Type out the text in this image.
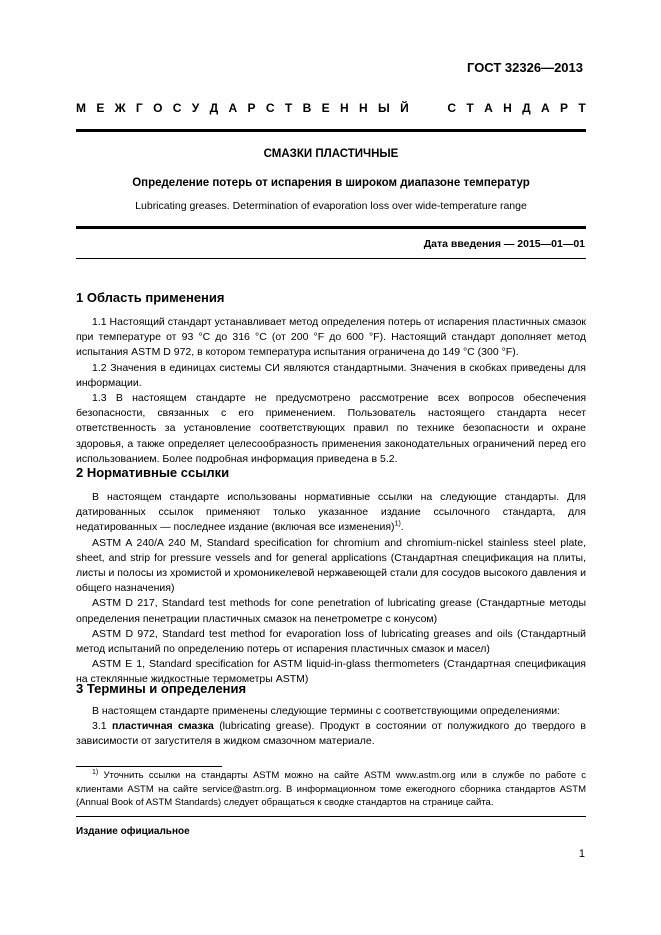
ГОСТ 32326—2013
М Е Ж Г О С У Д А Р С Т В Е Н Н Ы Й	С Т А Н Д А Р Т
СМАЗКИ ПЛАСТИЧНЫЕ
Определение потерь от испарения в широком диапазоне температур
Lubricating greases. Determination of evaporation loss over wide-temperature range
Дата введения — 2015—01—01
1 Область применения

1.1 Настоящий стандарт устанавливает метод определения потерь от испарения пластичных смазок при температуре от 93 °С до 316 °С (от 200 °F до 600 °F). Настоящий стандарт дополняет метод испытания ASTM D 972, в котором температура испытания ограничена до 149 °С (300 °F).

1.2 Значения в единицах системы СИ являются стандартными. Значения в скобках приведены для информации.

1.3 В настоящем стандарте не предусмотрено рассмотрение всех вопросов обеспечения безопасности, связанных с его применением. Пользователь настоящего стандарта несет ответственность за установление соответствующих правил по технике безопасности и охране здоровья, а также определяет целесообразность применения законодательных ограничений перед его использованием. Более подробная информация приведена в 5.2.

2 Нормативные ссылки

В настоящем стандарте использованы нормативные ссылки на следующие стандарты. Для датированных ссылок применяют только указанное издание ссылочного стандарта, для недатированных — последнее издание (включая все изменения)$^{1)}$.

ASTM A 240/A 240 M, Standard specification for chromium and chromium-nickel stainless steel plate, sheet, and strip for pressure vessels and for general applications (Стандартная спецификация на плиты, листы и полосы из хромистой и хромоникелевой нержавеющей стали для сосудов высокого давления и общего назначения)

ASTM D 217, Standard test methods for cone penetration of lubricating grease (Стандартные методы определения пенетрации пластичных смазок на пенетрометре с конусом)

ASTM D 972, Standard test method for evaporation loss of lubricating greases and oils (Стандартный метод испытаний по определению потерь от испарения пластичных смазок и масел)

ASTM E 1, Standard specification for ASTM liquid-in-glass thermometers (Стандартная спецификация на стеклянные жидкостные термометры ASTM)

3 Термины и определения

В настоящем стандарте применены следующие термины с соответствующими определениями:

3.1 пластичная смазка (lubricating grease). Продукт в состоянии от полужидкого до твердого в зависимости от загустителя в жидком смазочном материале.

$^{1)}$ Уточнить ссылки на стандарты ASTM можно на сайте ASTM www.astm.org или в службе по работе с клиентами ASTM на сайте service@astm.org. В информационном томе ежегодного сборника стандартов ASTM (Annual Book of ASTM Standards) следует обращаться к сводке стандартов на странице сайта.

Издание официальное
1
